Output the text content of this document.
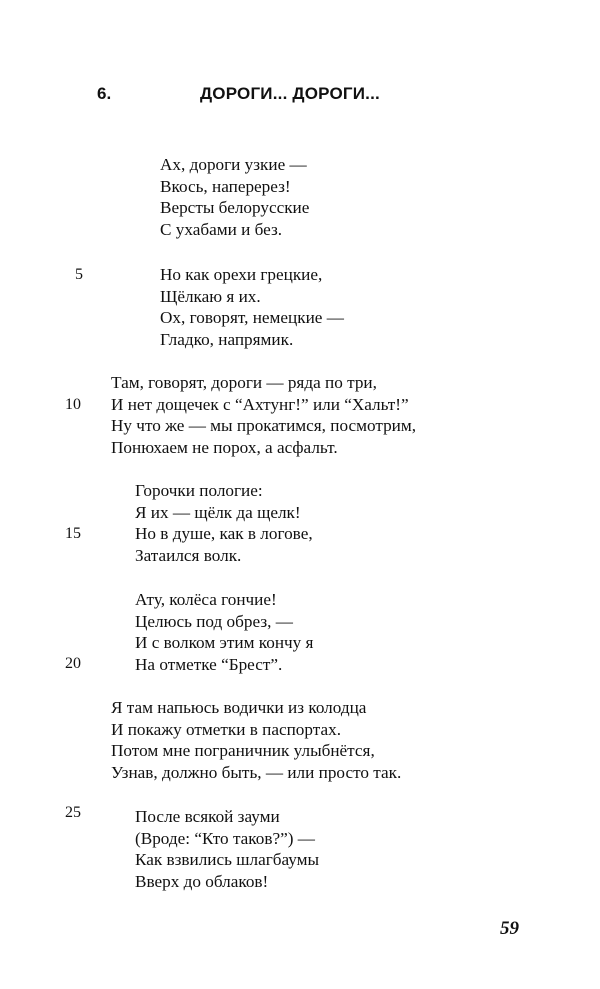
6.	ДОРОГИ... ДОРОГИ...
Ах, дороги узкие —
Вкось, наперерез!
Версты белорусские
С ухабами и без.
Но как орехи грецкие,
Щёлкаю я их.
Ох, говорят, немецкие —
Гладко, напрямик.
Там, говорят, дороги — ряда по три,
И нет дощечек с “Ахтунг!” или “Хальт!”
Ну что же — мы прокатимся, посмотрим,
Понюхаем не порох, а асфальт.
Горочки пологие:
Я их — щёлк да щелк!
Но в душе, как в логове,
Затаился волк.
Ату, колёса гончие!
Целюсь под обрез, —
И с волком этим кончу я
На отметке “Брест”.
Я там напьюсь водички из колодца
И покажу отметки в паспортах.
Потом мне пограничник улыбнётся,
Узнав, должно быть, — или просто так.
После всякой зауми
(Вроде: “Кто таков?”) —
Как взвились шлагбаумы
Вверх до облаков!
5
10
15
20
25
59
